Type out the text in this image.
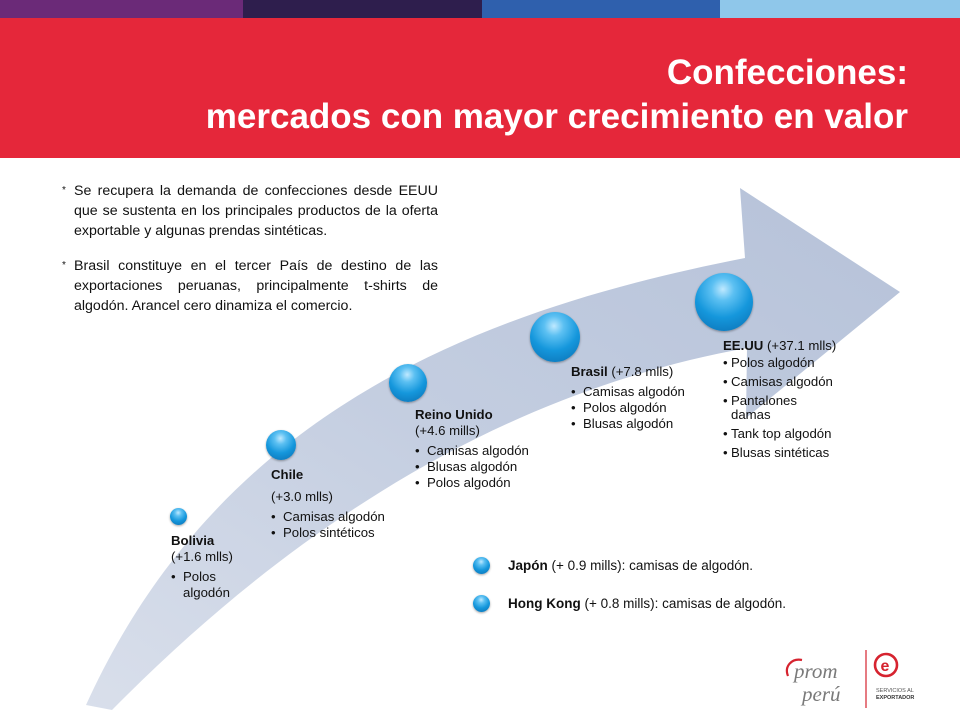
Confecciones:
mercados con mayor crecimiento en valor
* Se recupera la demanda de confecciones desde EEUU que se sustenta en los principales productos de la oferta exportable y algunas prendas sintéticas.
* Brasil constituye en el tercer País de destino de las exportaciones peruanas, principalmente t-shirts de algodón. Arancel cero dinamiza el comercio.
Bolivia
(+1.6 mlls)
• Polos algodón
Chile
(+3.0 mlls)
• Camisas algodón
• Polos sintéticos
Reino Unido
(+4.6 mills)
• Camisas algodón
• Blusas algodón
• Polos algodón
Brasil (+7.8 mlls)
• Camisas algodón
• Polos algodón
• Blusas algodón
EE.UU (+37.1 mlls)
• Polos algodón
• Camisas algodón
• Pantalones damas
• Tank top algodón
• Blusas sintéticas
Japón (+ 0.9 mills): camisas de algodón.
Hong Kong (+ 0.8 mills): camisas de algodón.
prom
perú
e
SERVICIOS AL
EXPORTADOR
